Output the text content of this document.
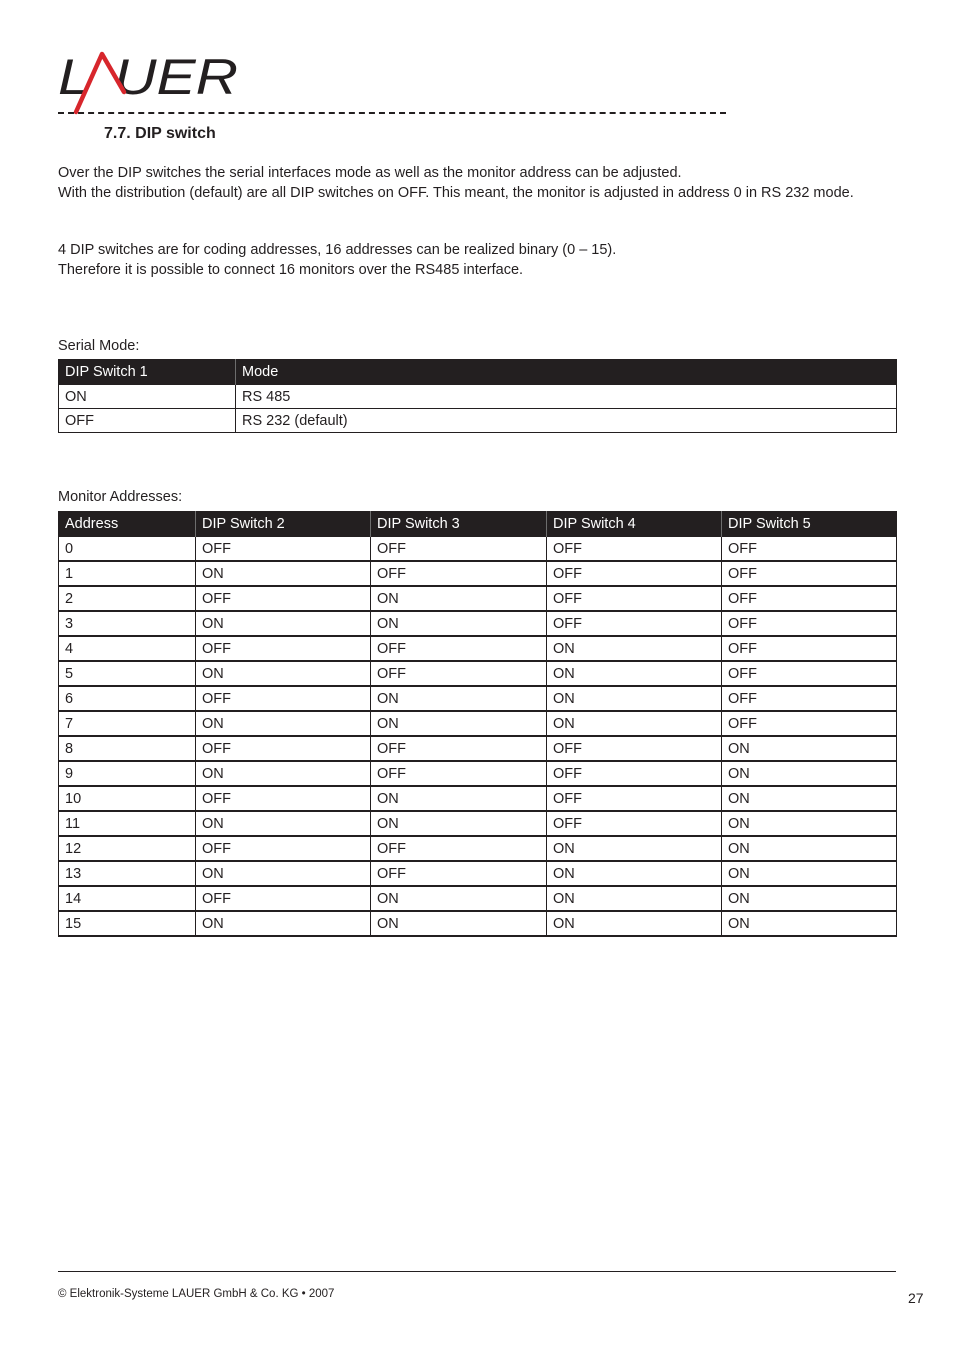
L  UER
7.7. DIP switch
Over the DIP switches the serial interfaces mode as well as the monitor address can be adjusted.
With the distribution (default) are all DIP switches on OFF. This meant, the monitor is adjusted in address 0 in RS 232 mode.
4 DIP switches are for coding addresses, 16 addresses can be realized binary (0 – 15).
Therefore it is possible to connect 16 monitors over the RS485 interface.

Serial Mode:

DIP Switch 1	Mode
ON	RS 485
OFF	RS 232 (default)

Monitor Addresses:

Address	DIP Switch 2	DIP Switch 3	DIP Switch 4	DIP Switch 5
0	OFF	OFF	OFF	OFF
1	ON	OFF	OFF	OFF
2	OFF	ON	OFF	OFF
3	ON	ON	OFF	OFF
4	OFF	OFF	ON	OFF
5	ON	OFF	ON	OFF
6	OFF	ON	ON	OFF
7	ON	ON	ON	OFF
8	OFF	OFF	OFF	ON
9	ON	OFF	OFF	ON
10	OFF	ON	OFF	ON
11	ON	ON	OFF	ON
12	OFF	OFF	ON	ON
13	ON	OFF	ON	ON
14	OFF	ON	ON	ON
15	ON	ON	ON	ON

© Elektronik-Systeme LAUER GmbH & Co. KG • 2007	27
